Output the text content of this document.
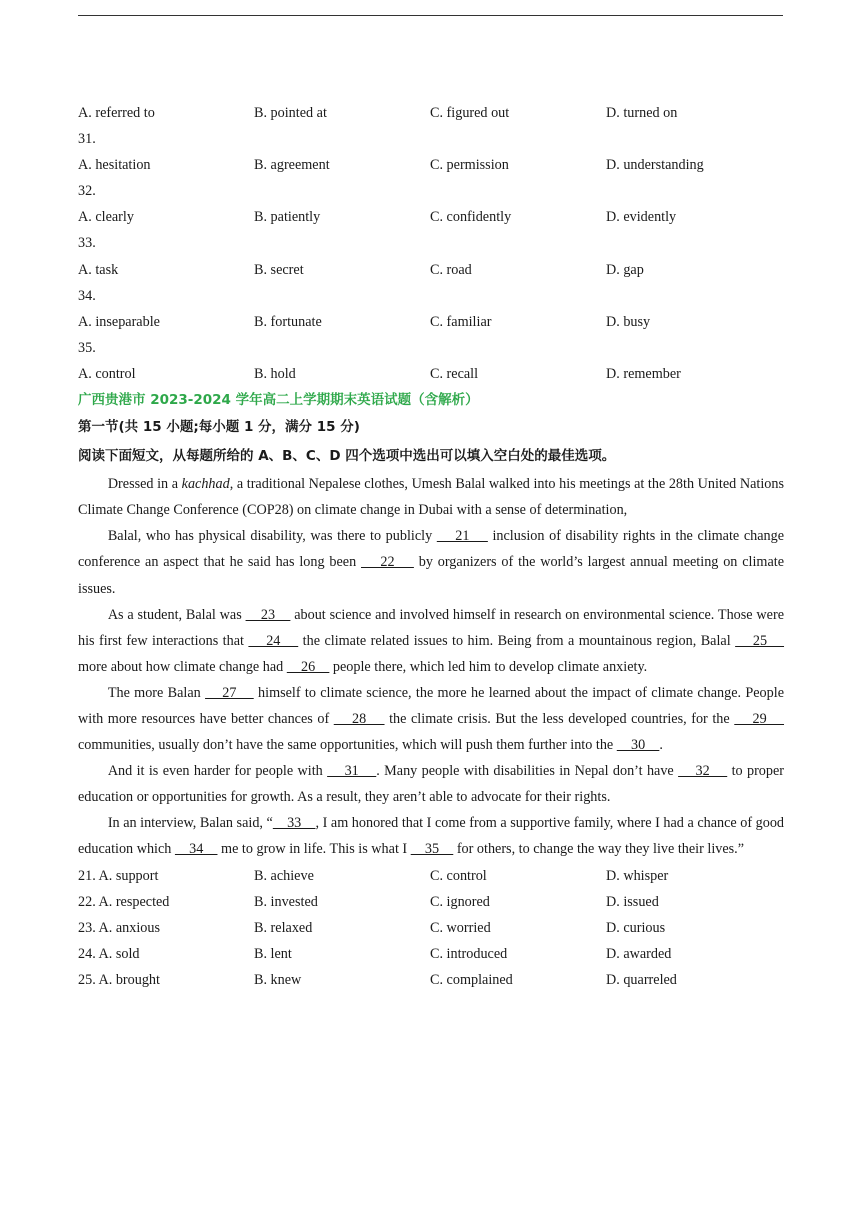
A. referred to	B. pointed at	C. figured out	D. turned on
31.
A. hesitation	B. agreement	C. permission	D. understanding
32.
A. clearly	B. patiently	C. confidently	D. evidently
33.
A. task	B. secret	C. road	D. gap
34.
A. inseparable	B. fortunate	C. familiar	D. busy
35.
A. control	B. hold	C. recall	D. remember
广西贵港市 2023-2024 学年高二上学期期末英语试题（含解析）
第一节(共 15 小题;每小题 1 分，满分 15 分)
阅读下面短文，从每题所给的 A、B、C、D 四个选项中选出可以填入空白处的最佳选项。

Dressed in a kachhad, a traditional Nepalese clothes, Umesh Balal walked into his meetings at the 28th United Nations Climate Change Conference (COP28) on climate change in Dubai with a sense of determination,

Balal, who has physical disability, was there to publicly     21     inclusion of disability rights in the climate change conference an aspect that he said has long been     22     by organizers of the world’s largest annual meeting on climate issues.

As a student, Balal was     23     about science and involved himself in research on environmental science. Those were his first few interactions that     24     the climate related issues to him. Being from a mountainous region, Balal     25     more about how climate change had     26     people there, which led him to develop climate anxiety.

The more Balan     27     himself to climate science, the more he learned about the impact of climate change. People with more resources have better chances of     28     the climate crisis. But the less developed countries, for the     29     communities, usually don’t have the same opportunities, which will push them further into the     30    .

And it is even harder for people with     31    . Many people with disabilities in Nepal don’t have     32     to proper education or opportunities for growth. As a result, they aren’t able to advocate for their rights.

In an interview, Balan said, “    33    , I am honored that I come from a supportive family, where I had a chance of good education which     34     me to grow in life. This is what I     35     for others, to change the way they live their lives.”

21. A. support	B. achieve	C. control	D. whisper
22. A. respected	B. invested	C. ignored	D. issued
23. A. anxious	B. relaxed	C. worried	D. curious
24. A. sold	B. lent	C. introduced	D. awarded
25. A. brought	B. knew	C. complained	D. quarreled
